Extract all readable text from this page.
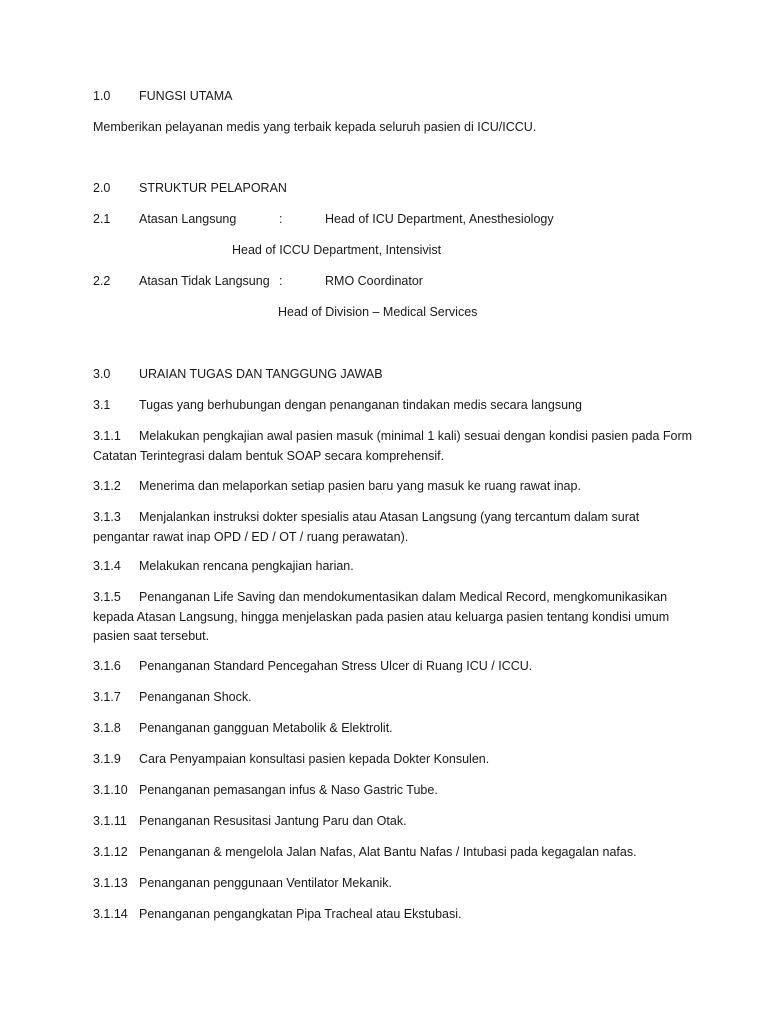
1.0 FUNGSI UTAMA
Memberikan pelayanan medis yang terbaik kepada seluruh pasien di ICU/ICCU.
2.0 STRUKTUR PELAPORAN
2.1 Atasan Langsung	:	Head of ICU Department, Anesthesiology
Head of ICCU Department, Intensivist
2.2 Atasan Tidak Langsung :	RMO Coordinator
Head of Division – Medical Services
3.0 URAIAN TUGAS DAN TANGGUNG JAWAB
3.1 Tugas yang berhubungan dengan penanganan tindakan medis secara langsung
3.1.1 Melakukan pengkajian awal pasien masuk (minimal 1 kali) sesuai dengan kondisi pasien pada Form Catatan Terintegrasi dalam bentuk SOAP secara komprehensif.
3.1.2 Menerima dan melaporkan setiap pasien baru yang masuk ke ruang rawat inap.
3.1.3 Menjalankan instruksi dokter spesialis atau Atasan Langsung (yang tercantum dalam surat pengantar rawat inap OPD / ED / OT / ruang perawatan).
3.1.4 Melakukan rencana pengkajian harian.
3.1.5 Penanganan Life Saving dan mendokumentasikan dalam Medical Record, mengkomunikasikan kepada Atasan Langsung, hingga menjelaskan pada pasien atau keluarga pasien tentang kondisi umum pasien saat tersebut.
3.1.6 Penanganan Standard Pencegahan Stress Ulcer di Ruang ICU / ICCU.
3.1.7 Penanganan Shock.
3.1.8 Penanganan gangguan Metabolik & Elektrolit.
3.1.9 Cara Penyampaian konsultasi pasien kepada Dokter Konsulen.
3.1.10 Penanganan pemasangan infus & Naso Gastric Tube.
3.1.11 Penanganan Resusitasi Jantung Paru dan Otak.
3.1.12 Penanganan & mengelola Jalan Nafas, Alat Bantu Nafas / Intubasi pada kegagalan nafas.
3.1.13 Penanganan penggunaan Ventilator Mekanik.
3.1.14 Penanganan pengangkatan Pipa Tracheal atau Ekstubasi.
